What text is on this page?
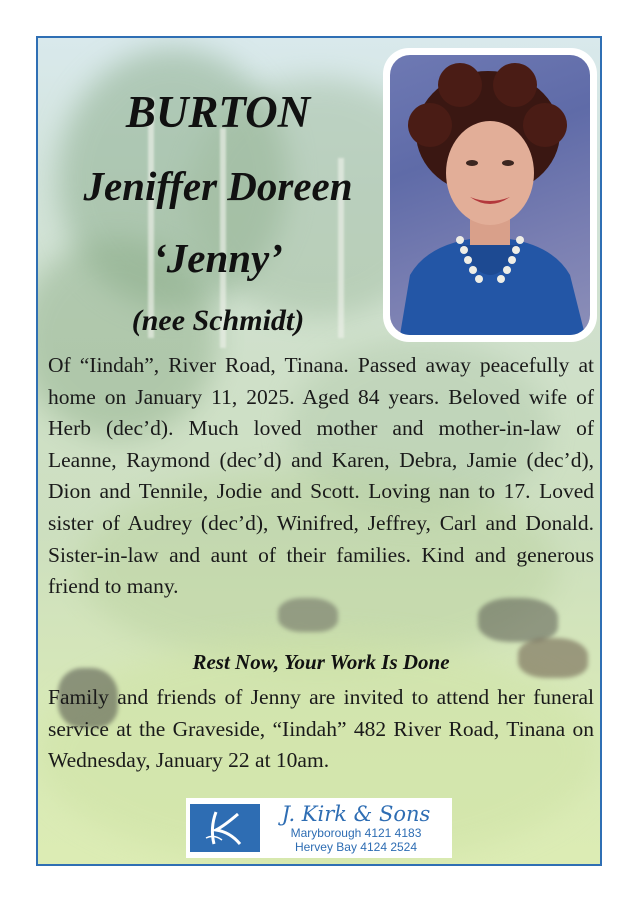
BURTON
Jeniffer Doreen
‘Jenny’
(nee Schmidt)
Of “Iindah”, River Road, Tinana. Passed away peacefully at home on January 11, 2025. Aged 84 years. Beloved wife of Herb (dec’d). Much loved mother and mother-in-law of Leanne, Raymond (dec’d) and Karen, Debra, Jamie (dec’d), Dion and Tennile, Jodie and Scott. Loving nan to 17. Loved sister of Audrey (dec’d), Winifred, Jeffrey, Carl and Donald. Sister-in-law and aunt of their families. Kind and generous friend to many.
Rest Now, Your Work Is Done
Family and friends of Jenny are invited to attend her funeral service at the Graveside, “Iindah” 482 River Road, Tinana on Wednesday, January 22 at 10am.
J. Kirk & Sons
Maryborough 4121 4183
Hervey Bay 4124 2524
